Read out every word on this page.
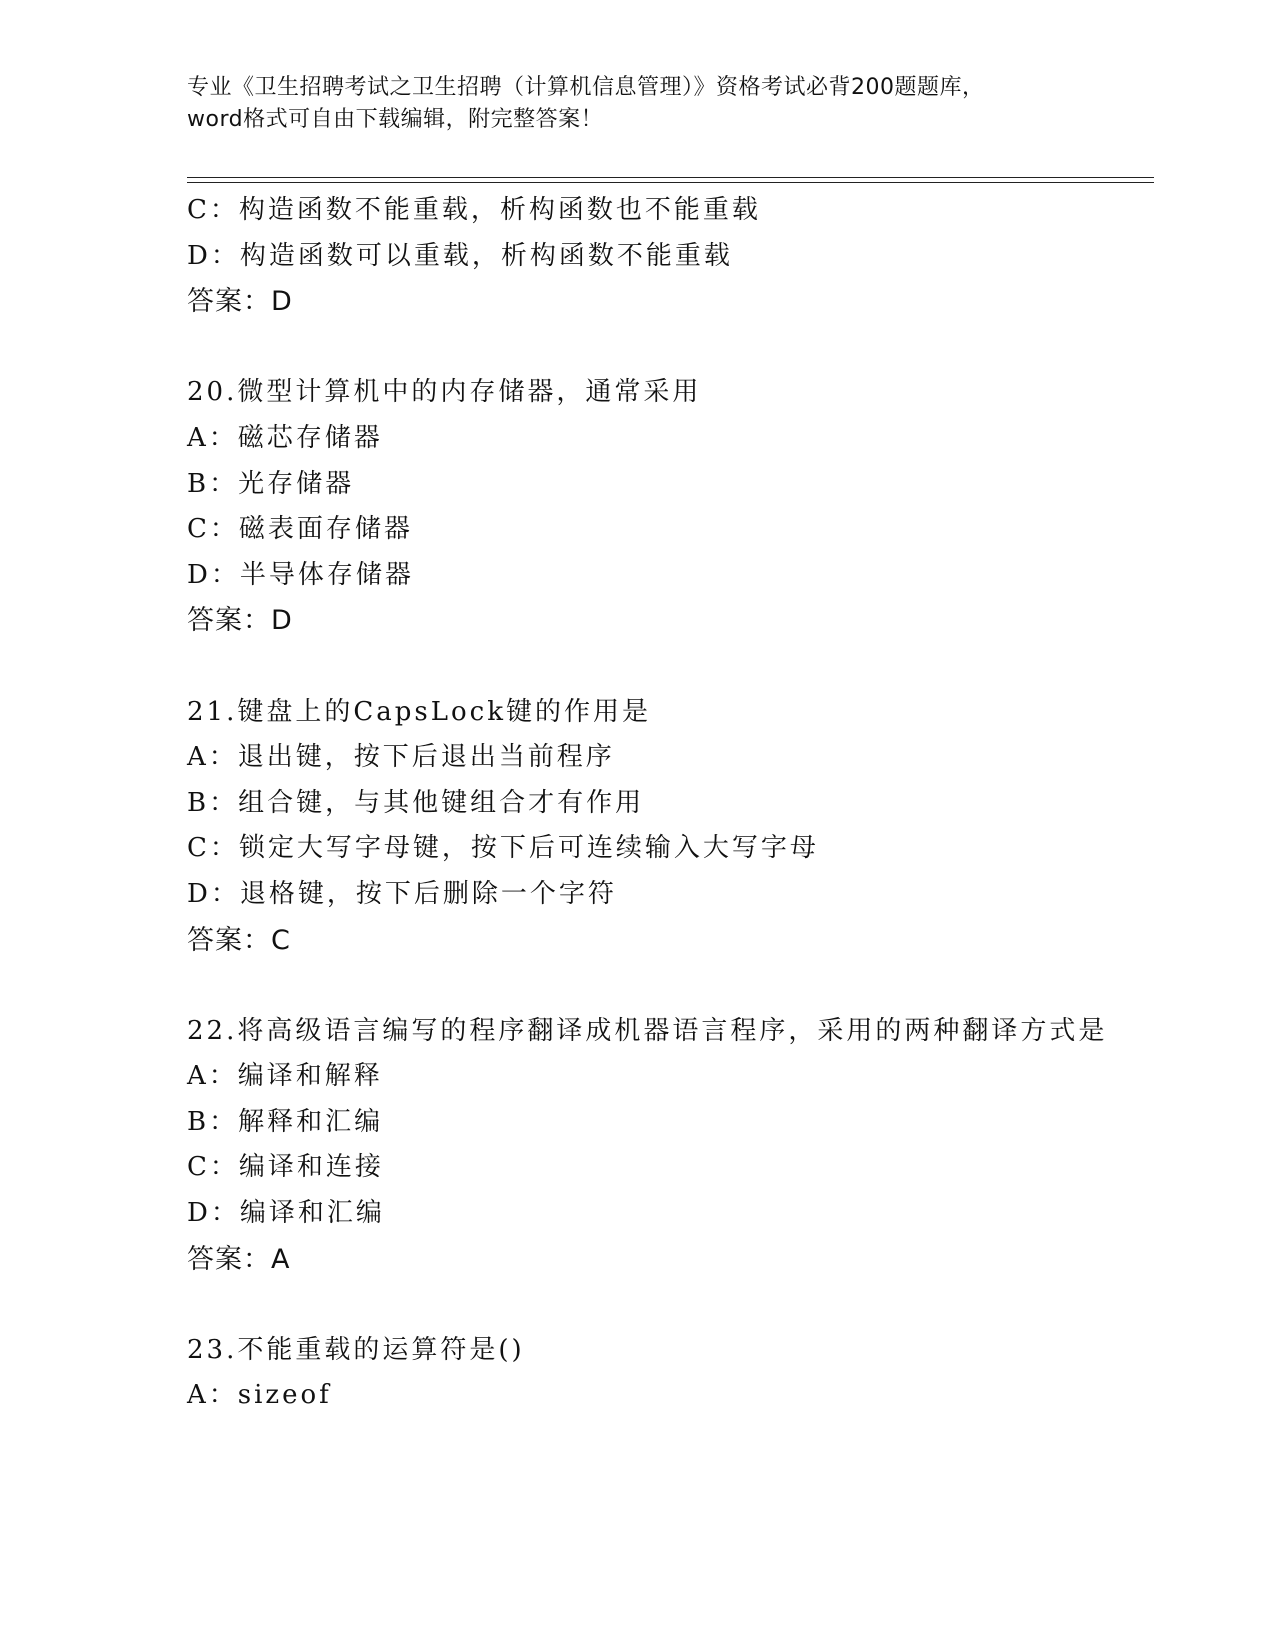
专业《卫生招聘考试之卫生招聘（计算机信息管理）》资格考试必背200题题库，
word格式可自由下载编辑，附完整答案！
C：构造函数不能重载，析构函数也不能重载
D：构造函数可以重载，析构函数不能重载
答案：D
20.微型计算机中的内存储器，通常采用
A：磁芯存储器
B：光存储器
C：磁表面存储器
D：半导体存储器
答案：D
21.键盘上的CapsLock键的作用是
A：退出键，按下后退出当前程序
B：组合键，与其他键组合才有作用
C：锁定大写字母键，按下后可连续输入大写字母
D：退格键，按下后删除一个字符
答案：C
22.将高级语言编写的程序翻译成机器语言程序，采用的两种翻译方式是
A：编译和解释
B：解释和汇编
C：编译和连接
D：编译和汇编
答案：A
23.不能重载的运算符是()
A：sizeof
